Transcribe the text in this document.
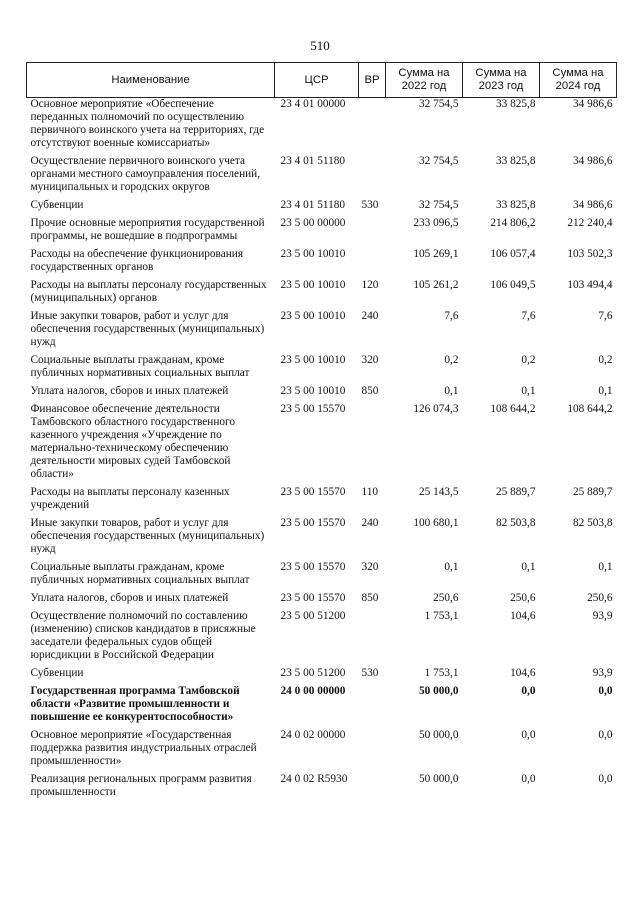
510
Наименование	ЦСР	ВР	Сумма на 2022 год	Сумма на 2023 год	Сумма на 2024 год
Основное мероприятие «Обеспечение переданных полномочий по осуществлению первичного воинского учета на территориях, где отсутствуют военные комиссариаты»	23 4 01 00000		32 754,5	33 825,8	34 986,6
Осуществление первичного воинского учета органами местного самоуправления поселений, муниципальных и городских округов	23 4 01 51180		32 754,5	33 825,8	34 986,6
Субвенции	23 4 01 51180	530	32 754,5	33 825,8	34 986,6
Прочие основные мероприятия государственной программы, не вошедшие в подпрограммы	23 5 00 00000		233 096,5	214 806,2	212 240,4
Расходы на обеспечение функционирования государственных органов	23 5 00 10010		105 269,1	106 057,4	103 502,3
Расходы на выплаты персоналу государственных (муниципальных) органов	23 5 00 10010	120	105 261,2	106 049,5	103 494,4
Иные закупки товаров, работ и услуг для обеспечения государственных (муниципальных) нужд	23 5 00 10010	240	7,6	7,6	7,6
Социальные выплаты гражданам, кроме публичных нормативных социальных выплат	23 5 00 10010	320	0,2	0,2	0,2
Уплата налогов, сборов и иных платежей	23 5 00 10010	850	0,1	0,1	0,1
Финансовое обеспечение деятельности Тамбовского областного государственного казенного учреждения «Учреждение по материально-техническому обеспечению деятельности мировых судей Тамбовской области»	23 5 00 15570		126 074,3	108 644,2	108 644,2
Расходы на выплаты персоналу казенных учреждений	23 5 00 15570	110	25 143,5	25 889,7	25 889,7
Иные закупки товаров, работ и услуг для обеспечения государственных (муниципальных) нужд	23 5 00 15570	240	100 680,1	82 503,8	82 503,8
Социальные выплаты гражданам, кроме публичных нормативных социальных выплат	23 5 00 15570	320	0,1	0,1	0,1
Уплата налогов, сборов и иных платежей	23 5 00 15570	850	250,6	250,6	250,6
Осуществление полномочий по составлению (изменению) списков кандидатов в присяжные заседатели федеральных судов общей юрисдикции в Российской Федерации	23 5 00 51200		1 753,1	104,6	93,9
Субвенции	23 5 00 51200	530	1 753,1	104,6	93,9
Государственная программа Тамбовской области «Развитие промышленности и повышение ее конкурентоспособности»	24 0 00 00000		50 000,0	0,0	0,0
Основное мероприятие «Государственная поддержка развития индустриальных отраслей промышленности»	24 0 02 00000		50 000,0	0,0	0,0
Реализация региональных программ развития промышленности	24 0 02 R5930		50 000,0	0,0	0,0
